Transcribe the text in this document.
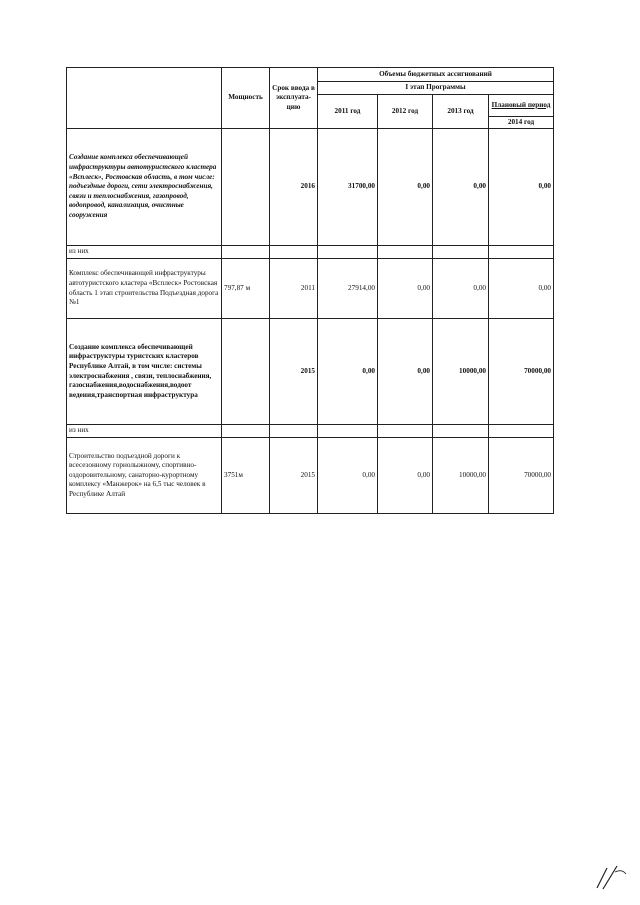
	Мощность	Срок ввода в эксплуата-цию	Объемы бюджетных ассигнований			
			I этап Программы			
			2011 год	2012 год	2013 год	Плановый период
						2014 год
Создание комплекса обеспечивающей инфраструктуры автотуристского кластера «Вєплеск», Ростовская область, в том числе: подъездные дороги, сети электроснабжения, связи и теплоснабжения, газопровод, водопровод, канализация, очистные сооружения		2016	31700,00	0,00	0,00	0,00
из них						
Комплекс обеспечивающей инфраструктуры автотуристского кластера «Всплеск» Ростовская область 1 этап строительства Подъездная дорога №1	797,87 м	2011	27914,00	0,00	0,00	0,00
Создание комплекса обеспечивающей инфраструктуры туристских кластеров Республике Алтай, в том числе: системы электроснабжения , связи, теплоснабжения, газоснабжения,водоснабжения,водоот ведения,транспортная инфраструктура		2015	0,00	0,00	10000,00	70000,00
из них						
Строительство подъездной дороги к всесезонному горнолыжному, спортивно-оздоровительному, санаторно-курортному комплексу «Манжерок» на 6,5 тыс человек в Республике Алтай	3751м	2015	0,00	0,00	10000,00	70000,00
